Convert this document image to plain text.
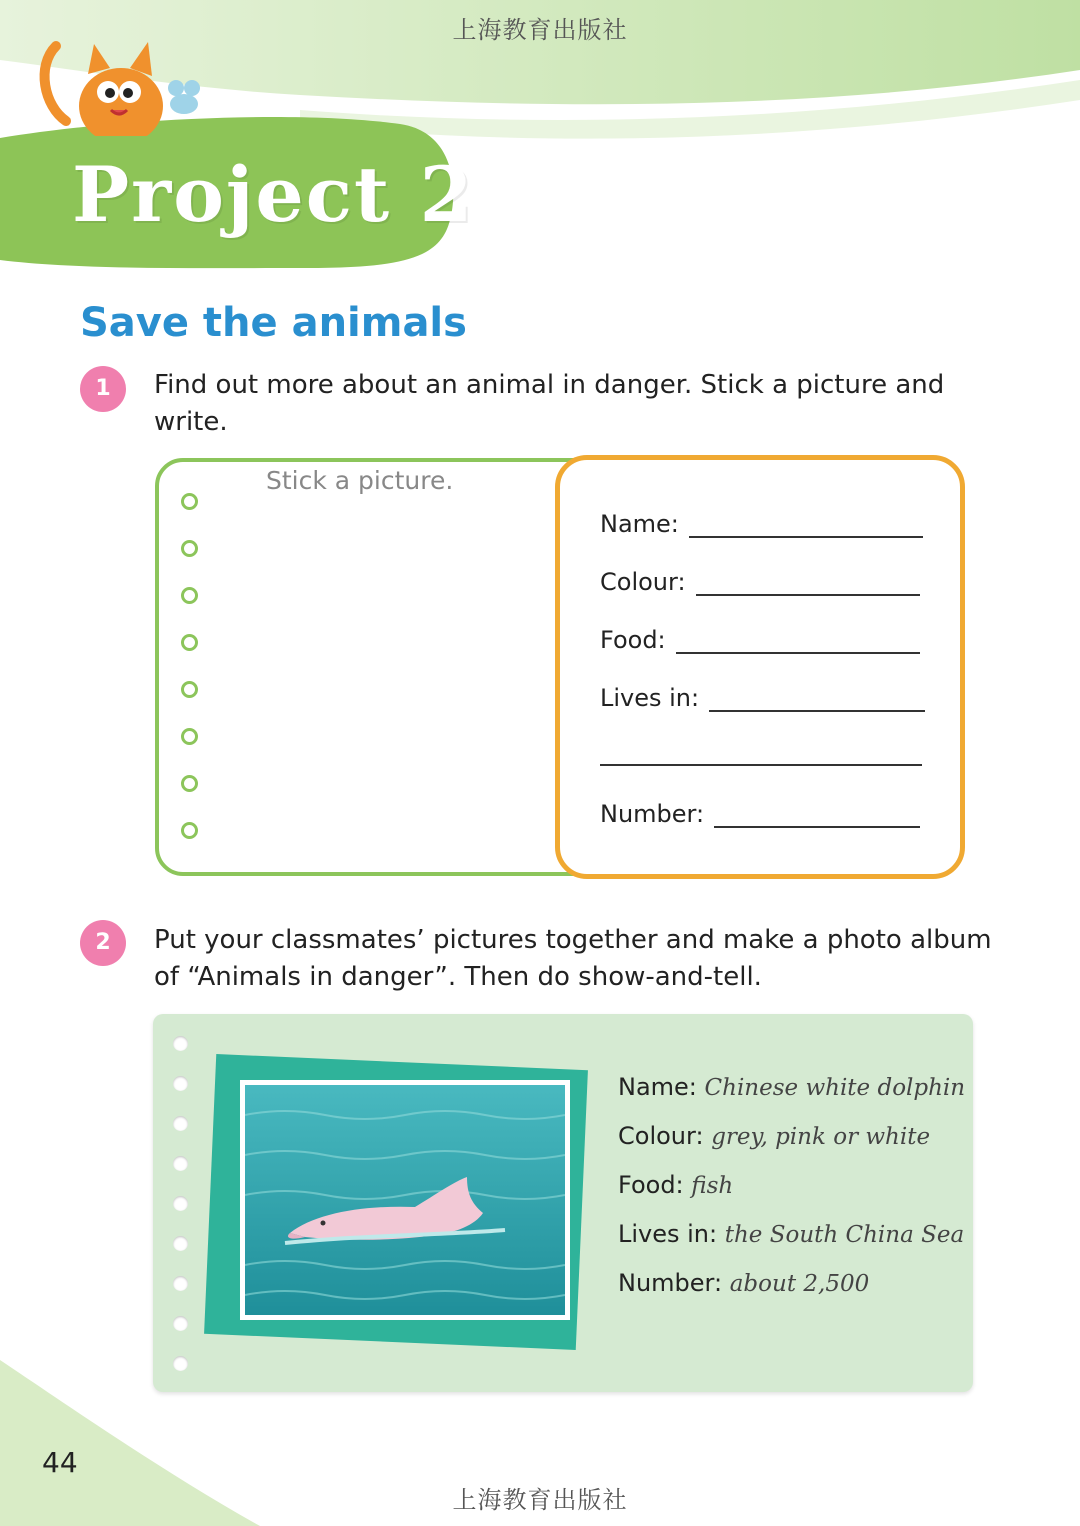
上海教育出版社
Project 2
Save the animals
1	Find out more about an animal in danger. Stick a picture and
write.
Stick a picture.
Name:
Colour:
Food:
Lives in:
Number:
2	Put your classmates’ pictures together and make a photo album
of “Animals in danger”. Then do show-and-tell.
Name: Chinese white dolphin
Colour: grey, pink or white
Food: fish
Lives in: the South China Sea
Number: about 2,500
44
上海教育出版社
